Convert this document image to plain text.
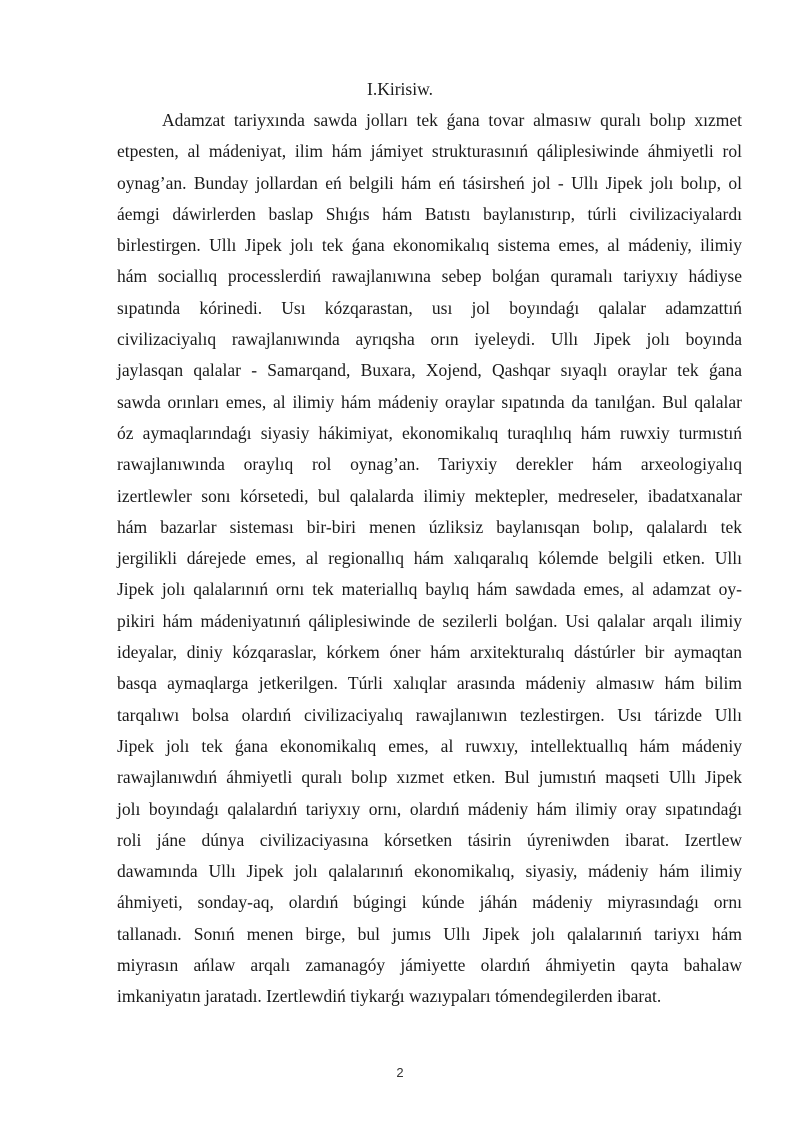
I.Kirisiw.
Adamzat tariyxında sawda jolları tek ǵana tovar almasıw quralı bolıp xızmet
etpesten, al mádeniyat, ilim hám jámiyet strukturasınıń qáliplesiwinde áhmiyetli rol
oynag’an. Bunday jollardan eń belgili hám eń tásirsheń jol - Ullı Jipek jolı bolıp, ol
áemgi dáwirlerden baslap Shıǵıs hám Batıstı baylanıstırıp, túrli civilizaciyalardı
birlestirgen. Ullı Jipek jolı tek ǵana ekonomikalıq sistema emes, al mádeniy, ilimiy
hám sociallıq processlerdiń rawajlanıwına sebep bolǵan quramalı tariyxıy hádiyse
sıpatında kórinedi. Usı kózqarastan, usı jol boyındaǵı qalalar adamzattıń
civilizaciyalıq rawajlanıwında ayrıqsha orın iyeleydi. Ullı Jipek jolı boyında
jaylasqan qalalar - Samarqand, Buxara, Xojend, Qashqar sıyaqlı oraylar tek ǵana
sawda orınları emes, al ilimiy hám mádeniy oraylar sıpatında da tanılǵan. Bul qalalar
óz aymaqlarındaǵı siyasiy hákimiyat, ekonomikalıq turaqlılıq hám ruwxiy turmıstıń
rawajlanıwında oraylıq rol oynag’an. Tariyxiy derekler hám arxeologiyalıq
izertlewler sonı kórsetedi, bul qalalarda ilimiy mektepler, medreseler, ibadatxanalar
hám bazarlar sisteması bir-biri menen úzliksiz baylanısqan bolıp, qalalardı tek
jergilikli dárejede emes, al regionallıq hám xalıqaralıq kólemde belgili etken. Ullı
Jipek jolı qalalarınıń ornı tek materiallıq baylıq hám sawdada emes, al adamzat oy-
pikiri hám mádeniyatınıń qáliplesiwinde de sezilerli bolǵan. Usi qalalar arqalı ilimiy
ideyalar, diniy kózqaraslar, kórkem óner hám arxitekturalıq dástúrler bir aymaqtan
basqa aymaqlarga jetkerilgen. Túrli xalıqlar arasında mádeniy almasıw hám bilim
tarqalıwı bolsa olardıń civilizaciyalıq rawajlanıwın tezlestirgen. Usı tárizde Ullı
Jipek jolı tek ǵana ekonomikalıq emes, al ruwxıy, intellektuallıq hám mádeniy
rawajlanıwdıń áhmiyetli quralı bolıp xızmet etken. Bul jumıstıń maqseti Ullı Jipek
jolı boyındaǵı qalalardıń tariyxıy ornı, olardıń mádeniy hám ilimiy oray sıpatındaǵı
roli jáne dúnya civilizaciyasına kórsetken tásirin úyreniwden ibarat. Izertlew
dawamında Ullı Jipek jolı qalalarınıń ekonomikalıq, siyasiy, mádeniy hám ilimiy
áhmiyeti, sonday-aq, olardıń búgingi kúnde jáhán mádeniy miyrasındaǵı ornı
tallanadı. Sonıń menen birge, bul jumıs Ullı Jipek jolı qalalarınıń tariyxı hám
miyrasın ańlaw arqalı zamanagóy jámiyette olardıń áhmiyetin qayta bahalaw
imkaniyatın jaratadı. Izertlewdiń tiykarǵı wazıypaları tómendegilerden ibarat.
2
